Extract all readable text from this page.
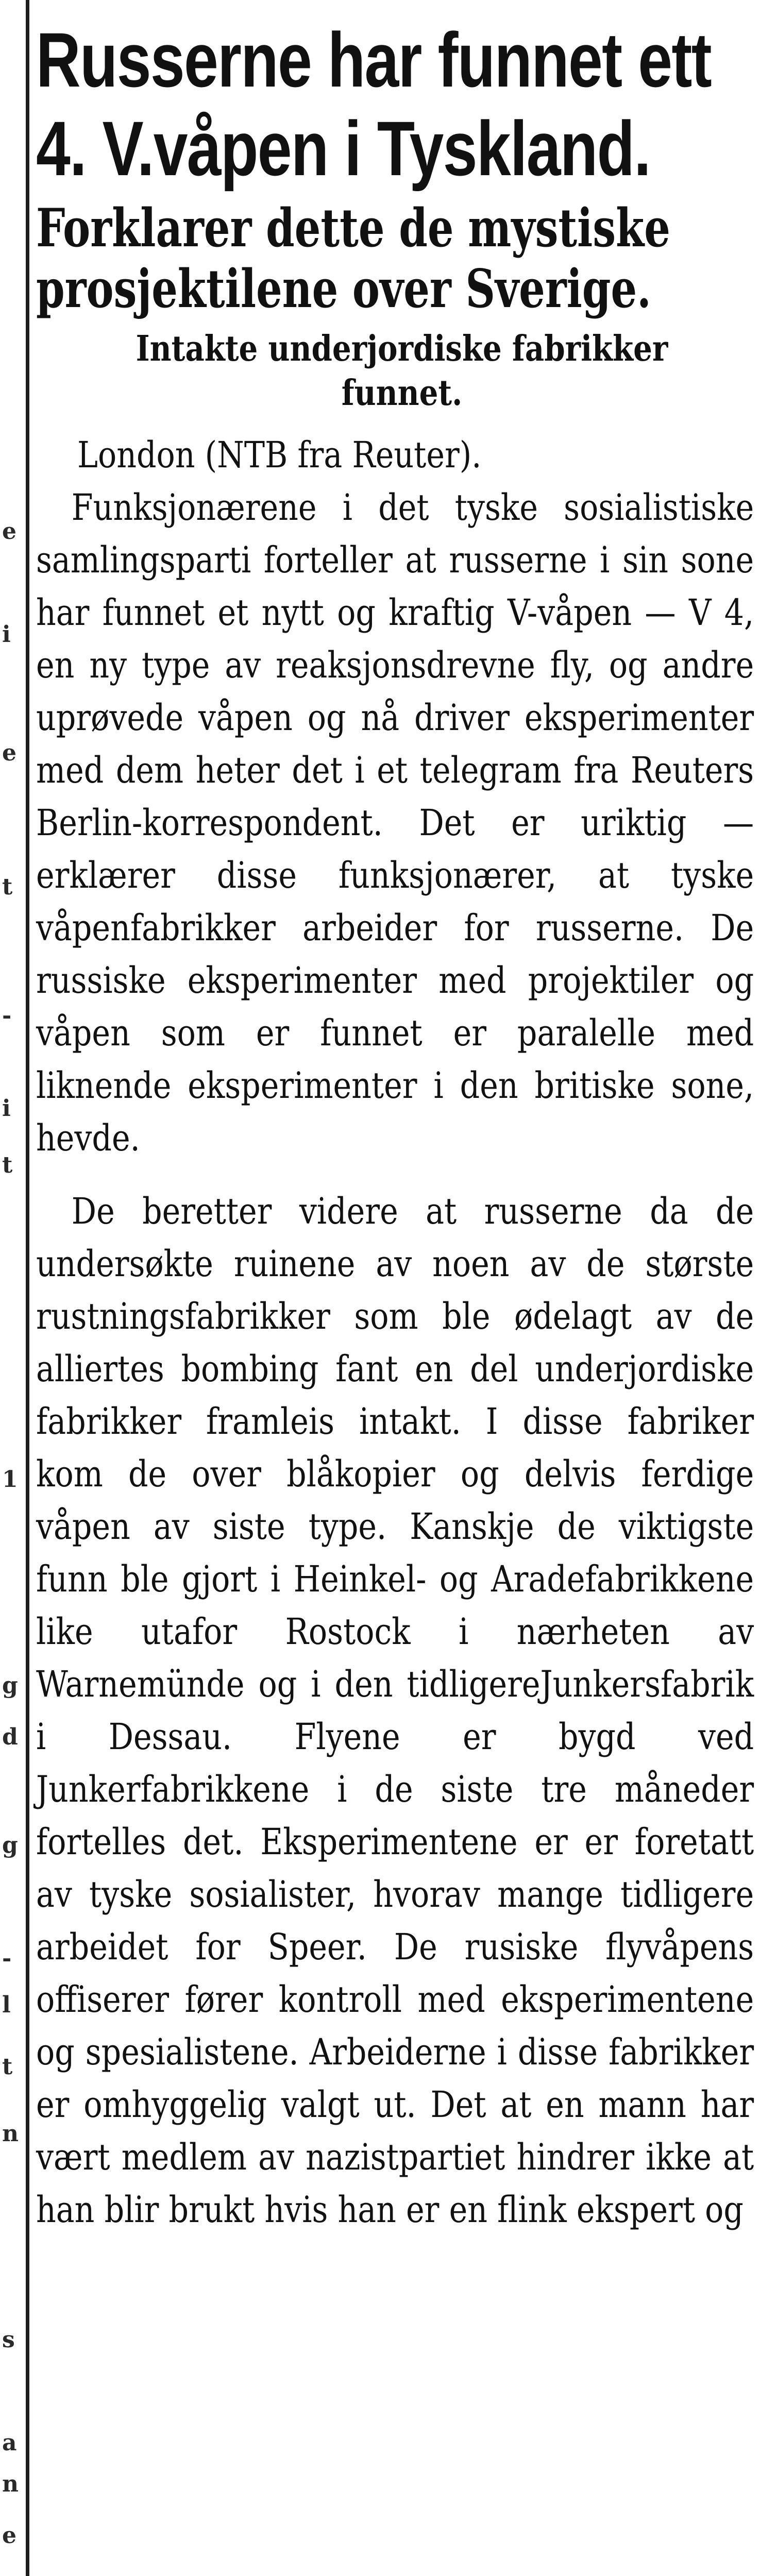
e
i
e
t
-
i
t
1
g
d
g
-
l
t
n
s
a
n
e
Russerne har funnet ett 4. V.våpen i Tyskland.
Forklarer dette de mystiske prosjektilene over Sverige.
Intakte underjordiske fabrikker funnet.

London (NTB fra Reuter).

Funksjonærene i det tyske sosialistiske samlingsparti forteller at russerne i sin sone har funnet et nytt og kraftig V-våpen — V 4, en ny type av reaksjonsdrevne fly, og andre uprøvede våpen og nå driver eksperimenter med dem heter det i et telegram fra Reuters Berlin-korrespondent. Det er uriktig — erklærer disse funksjonærer, at tyske våpenfabrikker arbeider for russerne. De russiske eksperimenter med projektiler og våpen som er funnet er paralelle med liknende eksperimenter i den britiske sone, hevde.

De beretter videre at russerne da de undersøkte ruinene av noen av de største rustningsfabrikker som ble ødelagt av de alliertes bombing fant en del underjordiske fabrikker framleis intakt. I disse fabriker kom de over blåkopier og delvis ferdige våpen av siste type. Kanskje de viktigste funn ble gjort i Heinkel- og Aradefabrikkene like utafor Rostock i nærheten av Warnemünde og i den tidligereJunkersfabrik i Dessau. Flyene er bygd ved Junkerfabrikkene i de siste tre måneder fortelles det. Eksperimentene er er foretatt av tyske sosialister, hvorav mange tidligere arbeidet for Speer. De rusiske flyvåpens offiserer fører kontroll med eksperimentene og spesialistene. Arbeiderne i disse fabrikker er omhyggelig valgt ut. Det at en mann har vært medlem av nazistpartiet hindrer ikke at han blir brukt hvis han er en flink ekspert og
